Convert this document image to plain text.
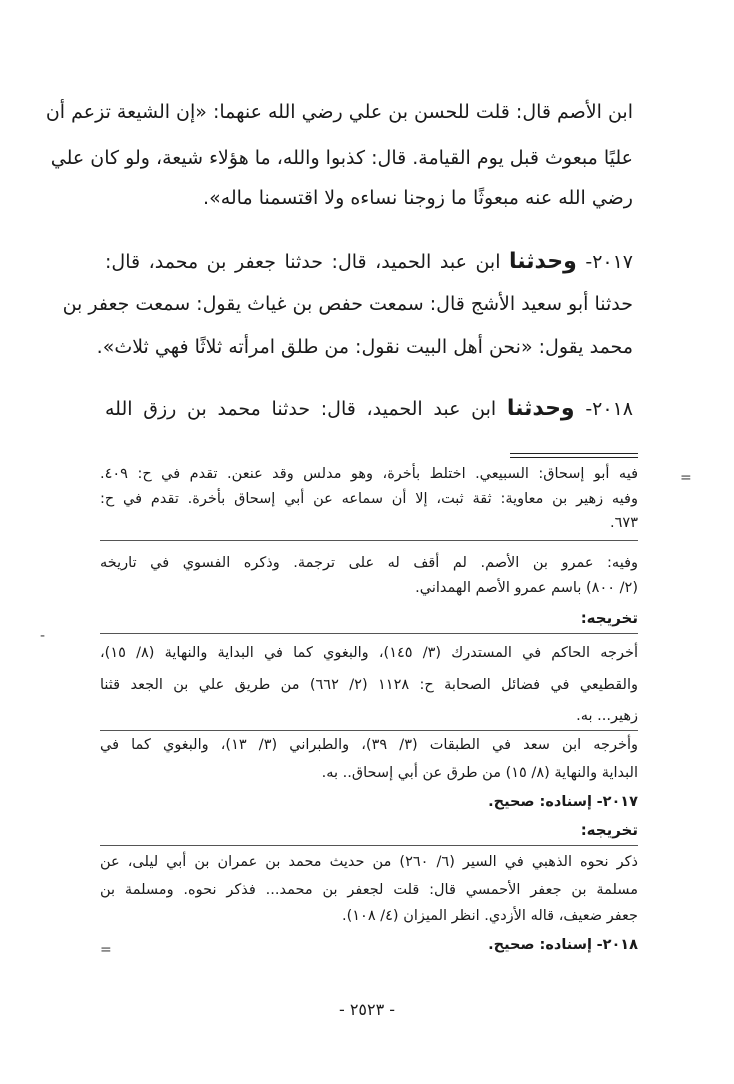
ابن الأصم قال: قلت للحسن بن علي رضي الله عنهما: «إن الشيعة تزعم أن
عليًا مبعوث قبل يوم القيامة. قال: كذبوا والله، ما هؤلاء شيعة، ولو كان علي
رضي الله عنه مبعوثًا ما زوجنا نساءه ولا اقتسمنا ماله».
٢٠١٧- وحدثنا ابن عبد الحميد، قال: حدثنا جعفر بن محمد، قال:
حدثنا أبو سعيد الأشج قال: سمعت حفص بن غياث يقول: سمعت جعفر بن
محمد يقول: «نحن أهل البيت نقول: من طلق امرأته ثلاثًا فهي ثلاث».
٢٠١٨- وحدثنا ابن عبد الحميد، قال: حدثنا محمد بن رزق الله
=
=
-
فيه أبو إسحاق: السبيعي. اختلط بأخرة، وهو مدلس وقد عنعن. تقدم في ح: ٤٠٩.
وفيه زهير بن معاوية: ثقة ثبت، إلا أن سماعه عن أبي إسحاق بأخرة. تقدم في ح:
٦٧٣.
وفيه: عمرو بن الأصم. لم أقف له على ترجمة. وذكره الفسوي في تاريخه
(٢/ ٨٠٠) باسم عمرو الأصم الهمداني.
تخريجه:
أخرجه الحاكم في المستدرك (٣/ ١٤٥)، والبغوي كما في البداية والنهاية (٨/ ١٥)،
والقطيعي في فضائل الصحابة ح: ١١٢٨ (٢/ ٦٦٢) من طريق علي بن الجعد قثنا
زهير... به.
وأخرجه ابن سعد في الطبقات (٣/ ٣٩)، والطبراني (٣/ ١٣)، والبغوي كما في
البداية والنهاية (٨/ ١٥) من طرق عن أبي إسحاق.. به.
٢٠١٧- إسناده: صحيح.
تخريجه:
ذكر نحوه الذهبي في السير (٦/ ٢٦٠) من حديث محمد بن عمران بن أبي ليلى، عن
مسلمة بن جعفر الأحمسي قال: قلت لجعفر بن محمد... فذكر نحوه. ومسلمة بن
جعفر ضعيف، قاله الأزدي. انظر الميزان (٤/ ١٠٨).
٢٠١٨- إسناده: صحيح.
- ٢٥٢٣ -
